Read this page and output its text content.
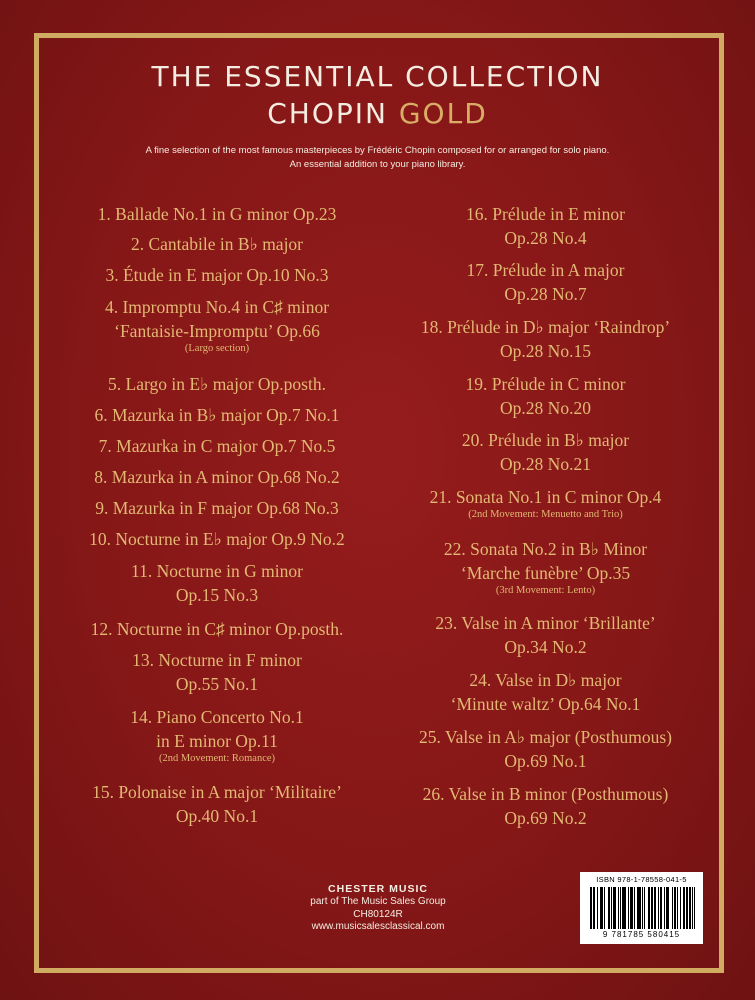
THE ESSENTIAL COLLECTION
CHOPIN GOLD
A fine selection of the most famous masterpieces by Frédéric Chopin composed for or arranged for solo piano.
An essential addition to your piano library.
1. Ballade No.1 in G minor Op.23
2. Cantabile in B♭ major
3. Étude in E major Op.10 No.3
4. Impromptu No.4 in C♯ minor
‘Fantaisie-Impromptu’ Op.66
(Largo section)
5. Largo in E♭ major Op.posth.
6. Mazurka in B♭ major Op.7 No.1
7. Mazurka in C major Op.7 No.5
8. Mazurka in A minor Op.68 No.2
9. Mazurka in F major Op.68 No.3
10. Nocturne in E♭ major Op.9 No.2
11. Nocturne in G minor
Op.15 No.3
12. Nocturne in C♯ minor Op.posth.
13. Nocturne in F minor
Op.55 No.1
14. Piano Concerto No.1
in E minor Op.11
(2nd Movement: Romance)
15. Polonaise in A major ‘Militaire’
Op.40 No.1
16. Prélude in E minor
Op.28 No.4
17. Prélude in A major
Op.28 No.7
18. Prélude in D♭ major ‘Raindrop’
Op.28 No.15
19. Prélude in C minor
Op.28 No.20
20. Prélude in B♭ major
Op.28 No.21
21. Sonata No.1 in C minor Op.4
(2nd Movement: Menuetto and Trio)
22. Sonata No.2 in B♭ Minor
‘Marche funèbre’ Op.35
(3rd Movement: Lento)
23. Valse in A minor ‘Brillante’
Op.34 No.2
24. Valse in D♭ major
‘Minute waltz’ Op.64 No.1
25. Valse in A♭ major (Posthumous)
Op.69 No.1
26. Valse in B minor (Posthumous)
Op.69 No.2
CHESTER MUSIC
part of The Music Sales Group
CH80124R
www.musicsalesclassical.com
ISBN 978-1-78558-041-5
9 781785 580415
